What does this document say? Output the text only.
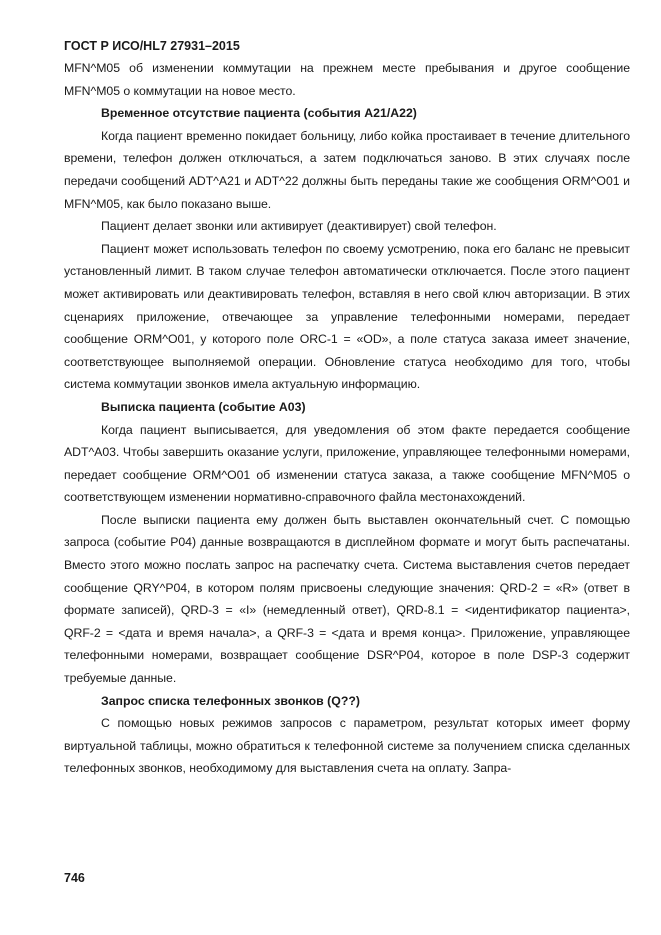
ГОСТ Р ИСО/HL7 27931–2015

MFN^M05 об изменении коммутации на прежнем месте пребывания и другое сообщение MFN^M05 о коммутации на новое место.

Временное отсутствие пациента (события A21/A22)

Когда пациент временно покидает больницу, либо койка простаивает в течение длительного времени, телефон должен отключаться, а затем подключаться заново. В этих случаях после передачи сообщений ADT^A21 и ADT^22 должны быть переданы такие же сообщения ORM^O01 и MFN^M05, как было показано выше.

Пациент делает звонки или активирует (деактивирует) свой телефон.

Пациент может использовать телефон по своему усмотрению, пока его баланс не превысит установленный лимит. В таком случае телефон автоматически отключается. После этого пациент может активировать или деактивировать телефон, вставляя в него свой ключ авторизации. В этих сценариях приложение, отвечающее за управление телефонными номерами, передает сообщение ORM^O01, у которого поле ORC-1 = «OD», а поле статуса заказа имеет значение, соответствующее выполняемой операции. Обновление статуса необходимо для того, чтобы система коммутации звонков имела актуальную информацию.

Выписка пациента (событие A03)

Когда пациент выписывается, для уведомления об этом факте передается сообщение ADT^A03. Чтобы завершить оказание услуги, приложение, управляющее телефонными номерами, передает сообщение ORM^O01 об изменении статуса заказа, а также сообщение MFN^M05 о соответствующем изменении нормативно-справочного файла местонахождений.

После выписки пациента ему должен быть выставлен окончательный счет. С помощью запроса (событие P04) данные возвращаются в дисплейном формате и могут быть распечатаны. Вместо этого можно послать запрос на распечатку счета. Система выставления счетов передает сообщение QRY^P04, в котором полям присвоены следующие значения: QRD-2 = «R» (ответ в формате записей), QRD-3 = «I» (немедленный ответ), QRD-8.1 = <идентификатор пациента>, QRF-2 = <дата и время начала>, а QRF-3 = <дата и время конца>. Приложение, управляющее телефонными номерами, возвращает сообщение DSR^P04, которое в поле DSP-3 содержит требуемые данные.

Запрос списка телефонных звонков (Q??)

С помощью новых режимов запросов с параметром, результат которых имеет форму виртуальной таблицы, можно обратиться к телефонной системе за получением списка сделанных телефонных звонков, необходимому для выставления счета на оплату. Запра-

746
